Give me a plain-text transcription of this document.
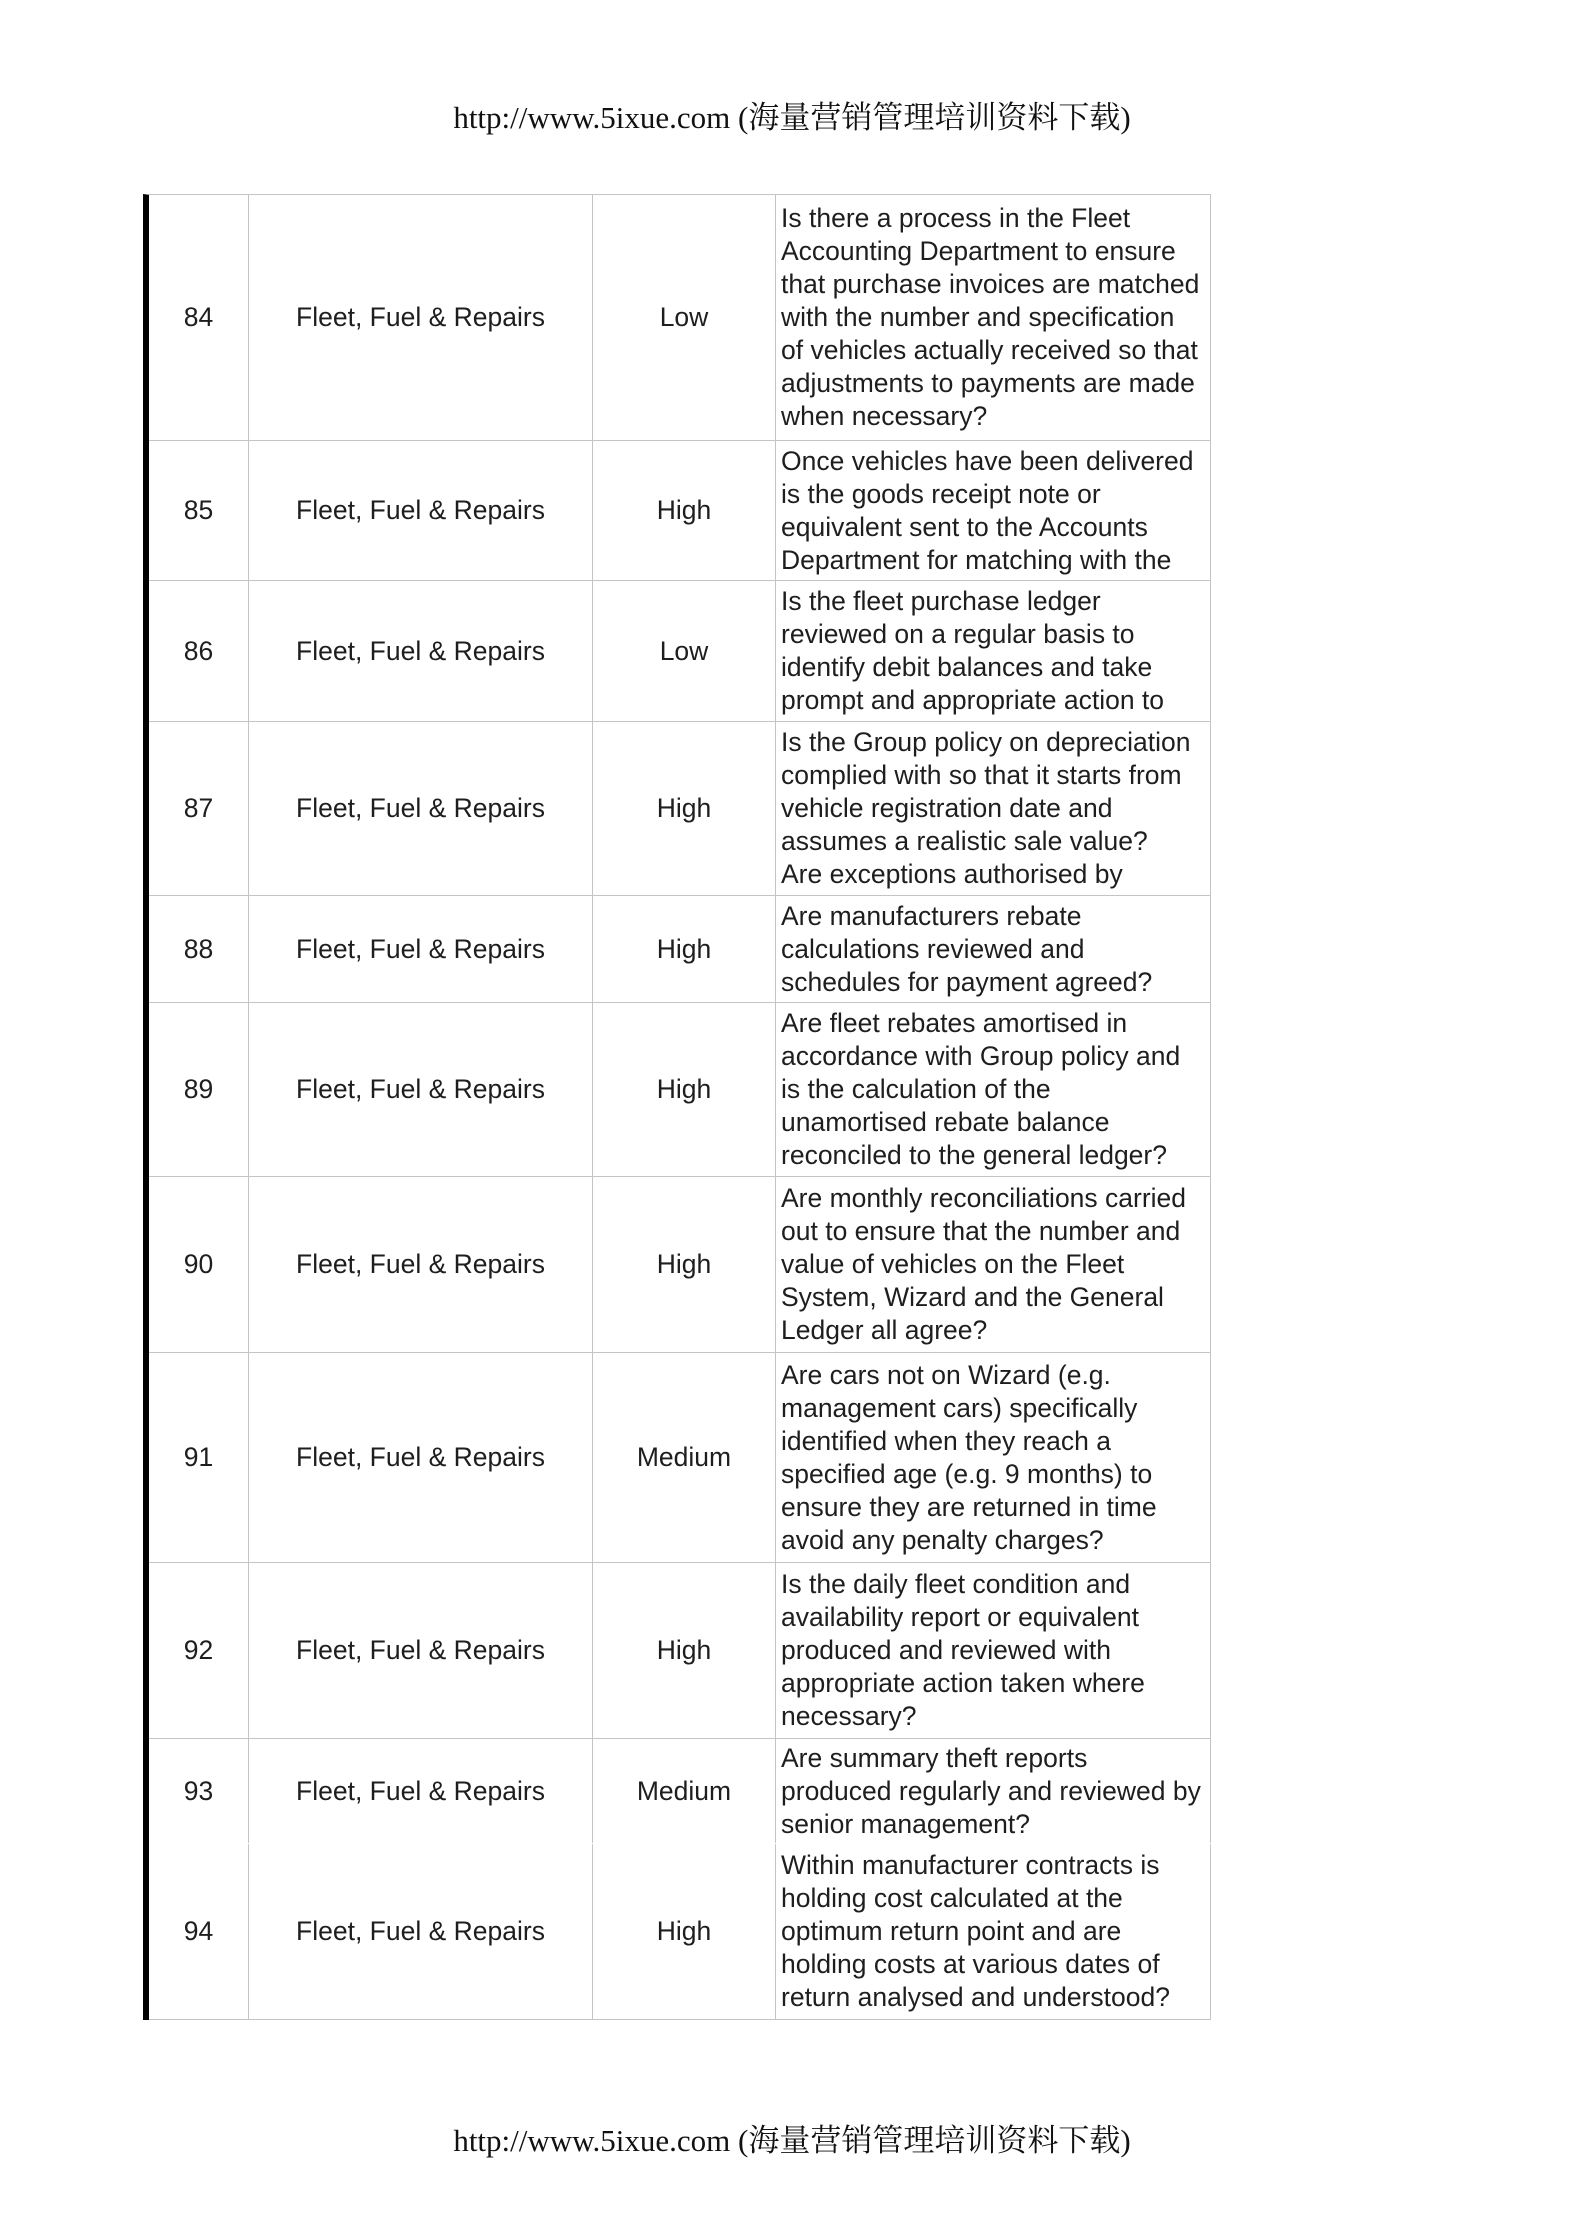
http://www.5ixue.com (海量营销管理培训资料下载)
84	Fleet, Fuel & Repairs	Low
Is there a process in the Fleet
Accounting Department to ensure
that purchase invoices are matched
with the number and specification
of vehicles actually received so that
adjustments to payments are made
when necessary?
85	Fleet, Fuel & Repairs	High
Once vehicles have been delivered
is the goods receipt note or
equivalent sent to the Accounts
Department for matching with the
86	Fleet, Fuel & Repairs	Low
Is the fleet purchase ledger
reviewed on a regular basis to
identify debit balances and take
prompt and appropriate action to
87	Fleet, Fuel & Repairs	High
Is the Group policy on depreciation
complied with so that it starts from
vehicle registration date and
assumes a realistic sale value?
Are exceptions authorised by
88	Fleet, Fuel & Repairs	High
Are manufacturers rebate
calculations reviewed and
schedules for payment agreed?
89	Fleet, Fuel & Repairs	High
Are fleet rebates amortised in
accordance with Group policy and
is the calculation of the
unamortised rebate balance
reconciled to the general ledger?
90	Fleet, Fuel & Repairs	High
Are monthly reconciliations carried
out to ensure that the number and
value of vehicles on the Fleet
System, Wizard and the General
Ledger all agree?
91	Fleet, Fuel & Repairs	Medium
Are cars not on Wizard (e.g.
management cars) specifically
identified when they reach a
specified age (e.g. 9 months) to
ensure they are returned in time
avoid any penalty charges?
92	Fleet, Fuel & Repairs	High
Is the daily fleet condition and
availability report or equivalent
produced and reviewed with
appropriate action taken where
necessary?
93	Fleet, Fuel & Repairs	Medium
Are summary theft reports
produced regularly and reviewed by
senior management?
94	Fleet, Fuel & Repairs	High
Within manufacturer contracts is
holding cost calculated at the
optimum return point and are
holding costs at various dates of
return analysed and understood?
http://www.5ixue.com (海量营销管理培训资料下载)
